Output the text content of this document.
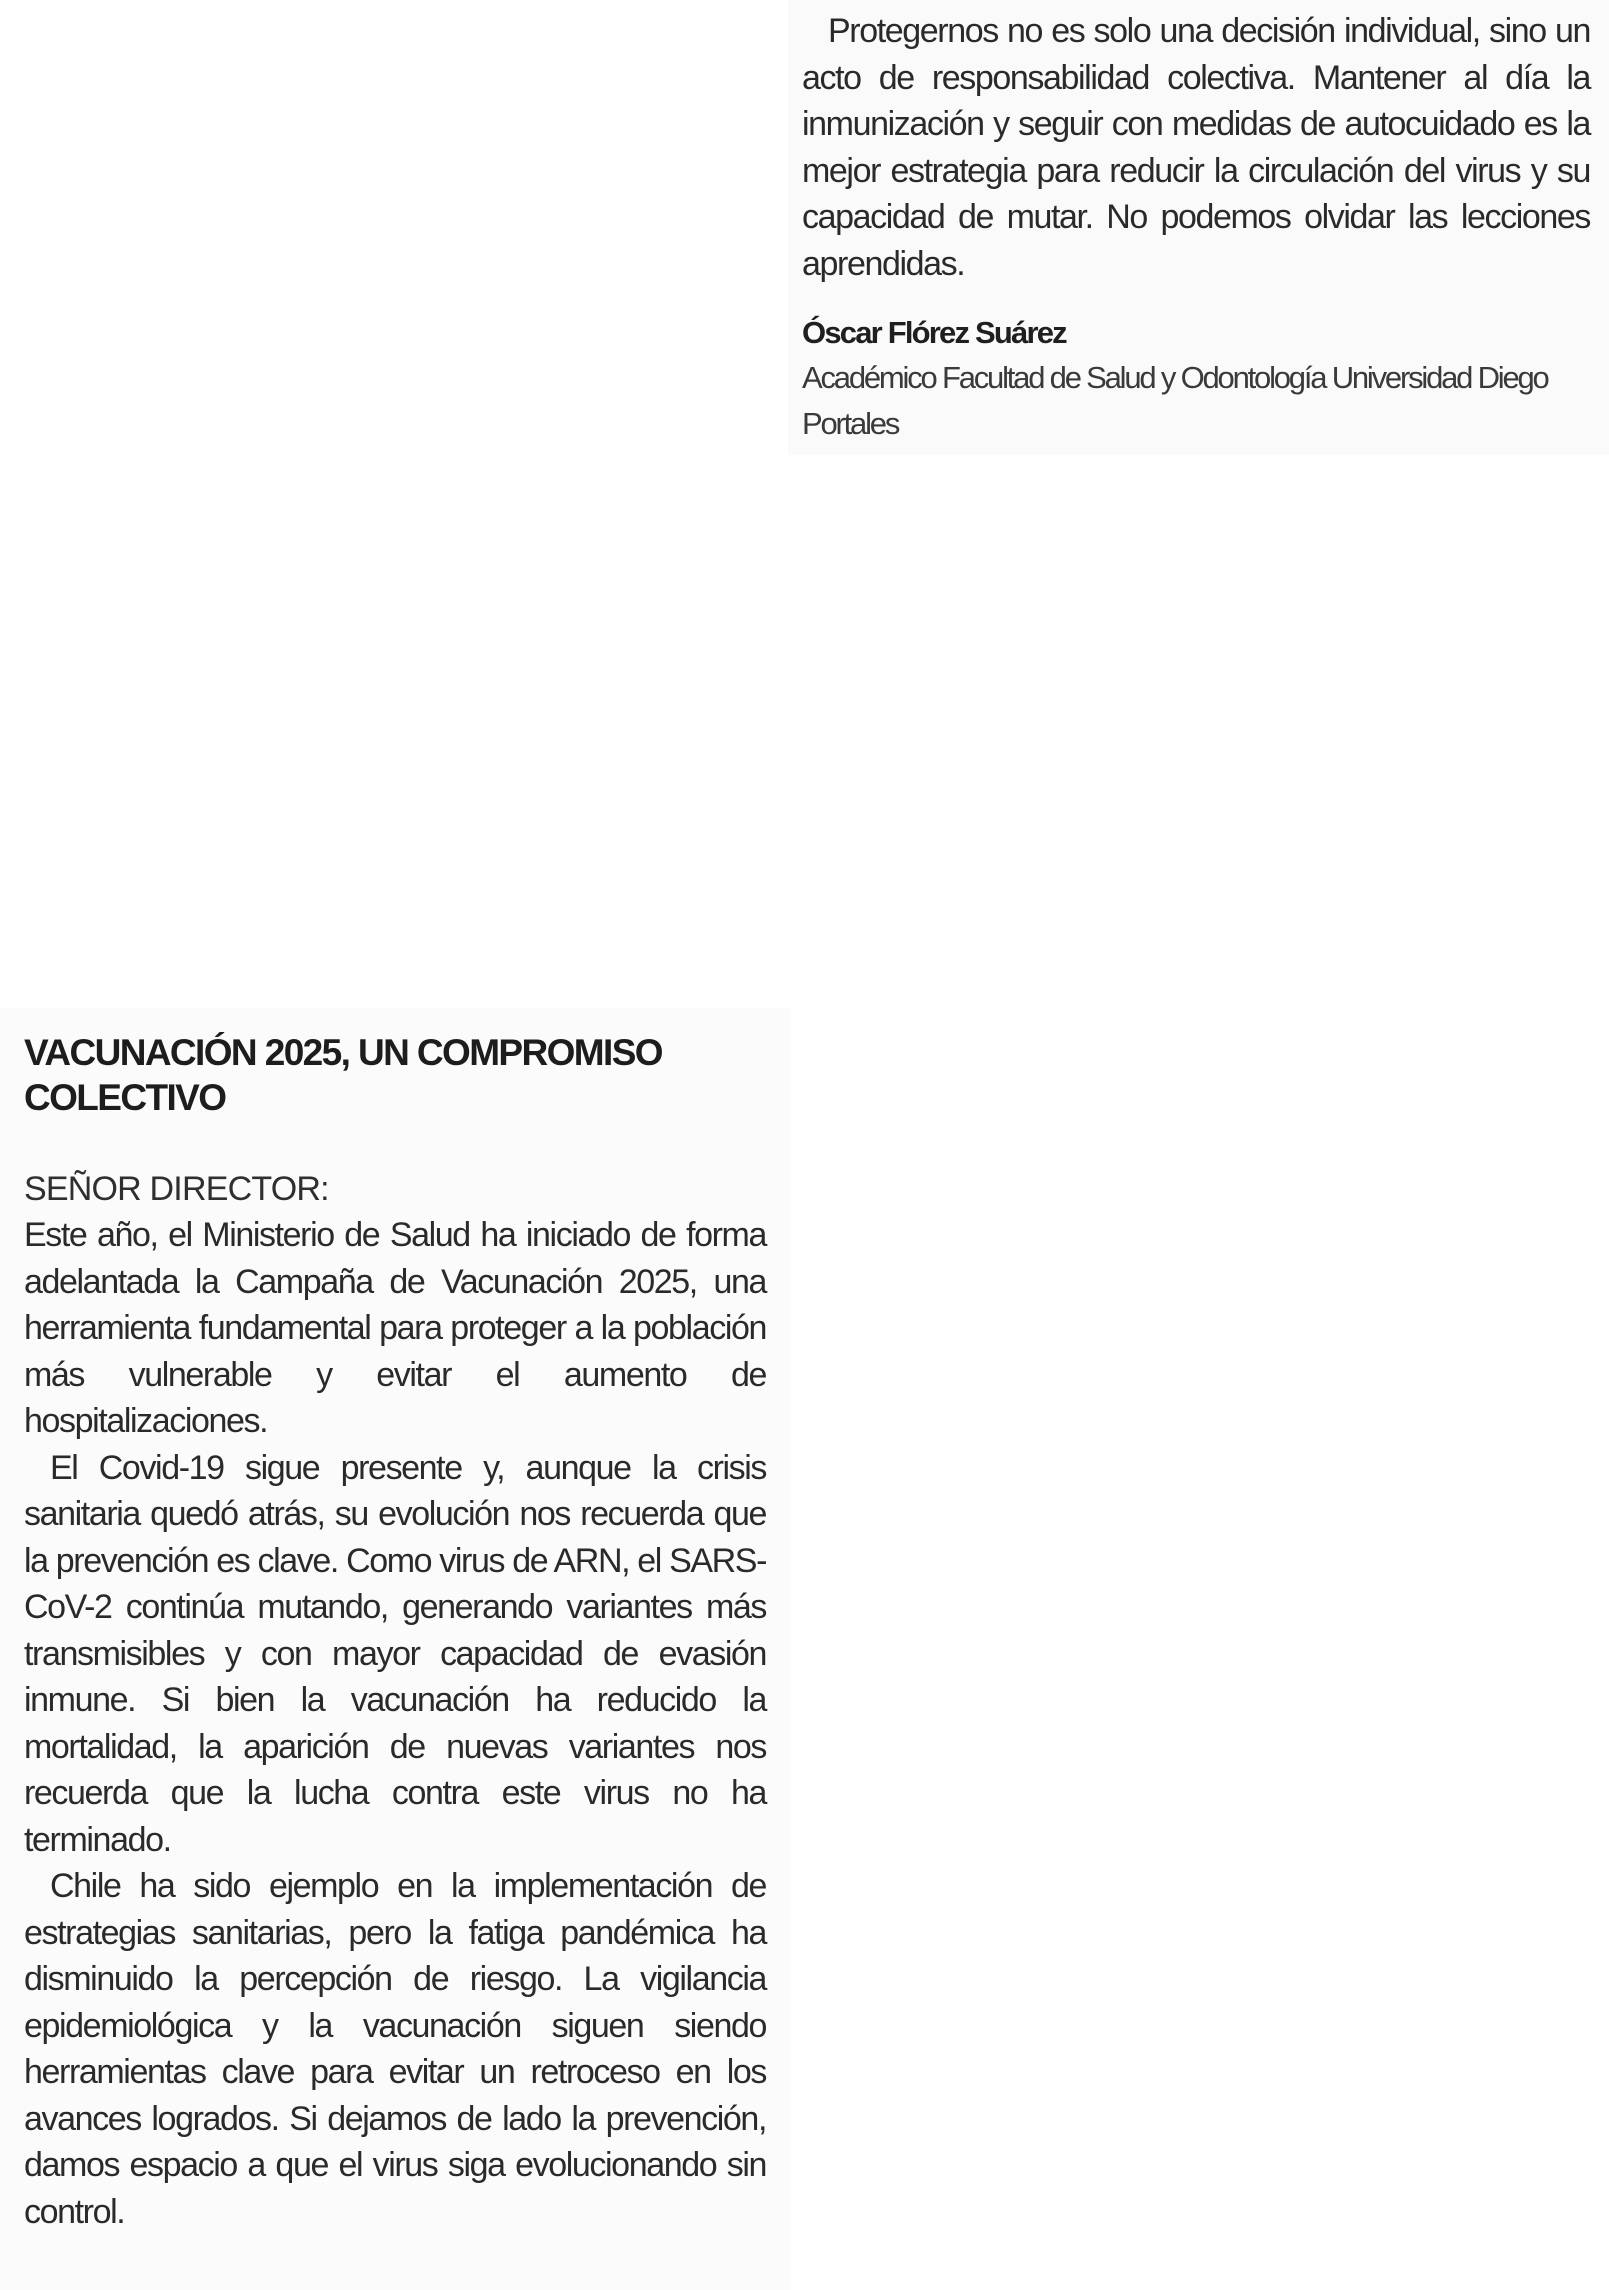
Protegernos no es solo una decisión individual, sino un acto de responsabilidad colectiva. Mantener al día la inmunización y seguir con medidas de autocuidado es la mejor estrategia para reducir la circulación del virus y su capacidad de mutar. No podemos olvidar las lecciones aprendidas.

Óscar Flórez Suárez
Académico Facultad de Salud y Odontología Universidad Diego Portales
VACUNACIÓN 2025, UN COMPROMISO COLECTIVO
SEÑOR DIRECTOR:

Este año, el Ministerio de Salud ha iniciado de forma adelantada la Campaña de Vacunación 2025, una herramienta fundamental para proteger a la población más vulnerable y evitar el aumento de hospitalizaciones.

El Covid-19 sigue presente y, aunque la crisis sanitaria quedó atrás, su evolución nos recuerda que la prevención es clave. Como virus de ARN, el SARS-CoV-2 continúa mutando, generando variantes más transmisibles y con mayor capacidad de evasión inmune. Si bien la vacunación ha reducido la mortalidad, la aparición de nuevas variantes nos recuerda que la lucha contra este virus no ha terminado.

Chile ha sido ejemplo en la implementación de estrategias sanitarias, pero la fatiga pandémica ha disminuido la percepción de riesgo. La vigilancia epidemiológica y la vacunación siguen siendo herramientas clave para evitar un retroceso en los avances logrados. Si dejamos de lado la prevención, damos espacio a que el virus siga evolucionando sin control.
